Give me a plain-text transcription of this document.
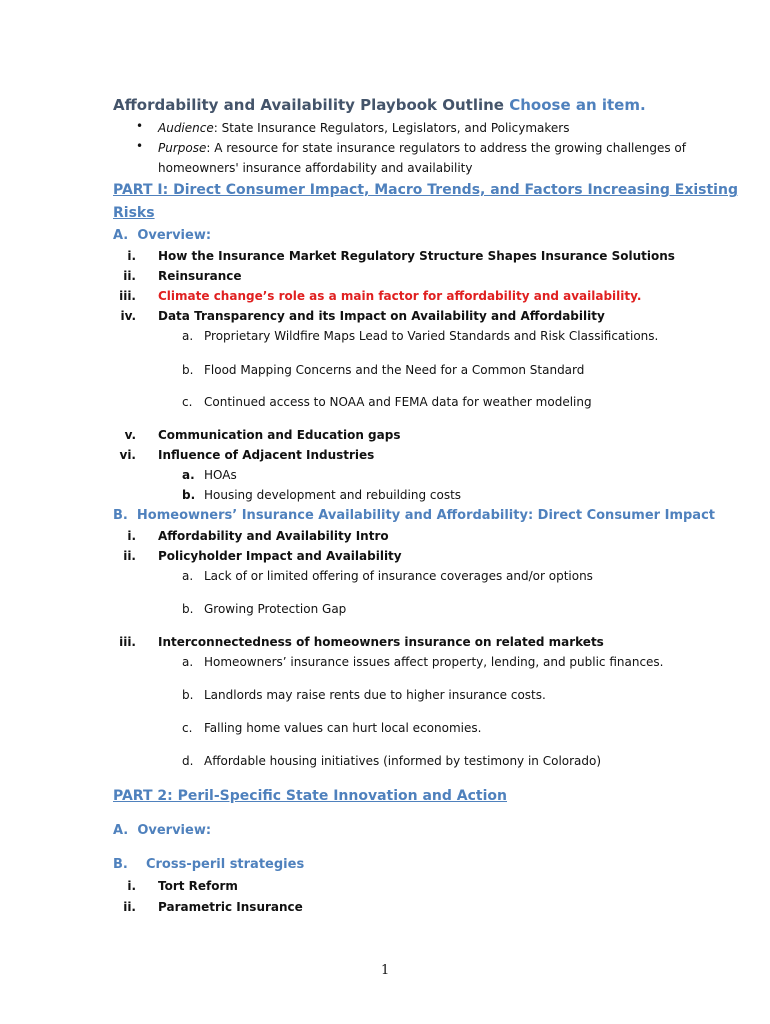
Affordability and Availability Playbook Outline Choose an item.
• Audience: State Insurance Regulators, Legislators, and Policymakers
• Purpose: A resource for state insurance regulators to address the growing challenges of
homeowners' insurance affordability and availability
PART I: Direct Consumer Impact, Macro Trends, and Factors Increasing Existing
Risks
A. Overview:
i. How the Insurance Market Regulatory Structure Shapes Insurance Solutions
ii. Reinsurance
iii. Climate change’s role as a main factor for affordability and availability.
iv. Data Transparency and its Impact on Availability and Affordability
a. Proprietary Wildfire Maps Lead to Varied Standards and Risk Classifications.
b. Flood Mapping Concerns and the Need for a Common Standard
c. Continued access to NOAA and FEMA data for weather modeling
v. Communication and Education gaps
vi. Influence of Adjacent Industries
a. HOAs
b. Housing development and rebuilding costs
B. Homeowners’ Insurance Availability and Affordability: Direct Consumer Impact
i. Affordability and Availability Intro
ii. Policyholder Impact and Availability
a. Lack of or limited offering of insurance coverages and/or options
b. Growing Protection Gap
iii. Interconnectedness of homeowners insurance on related markets
a. Homeowners’ insurance issues affect property, lending, and public finances.
b. Landlords may raise rents due to higher insurance costs.
c. Falling home values can hurt local economies.
d. Affordable housing initiatives (informed by testimony in Colorado)
PART 2: Peril-Specific State Innovation and Action
A. Overview:
B. Cross-peril strategies
i. Tort Reform
ii. Parametric Insurance
1
